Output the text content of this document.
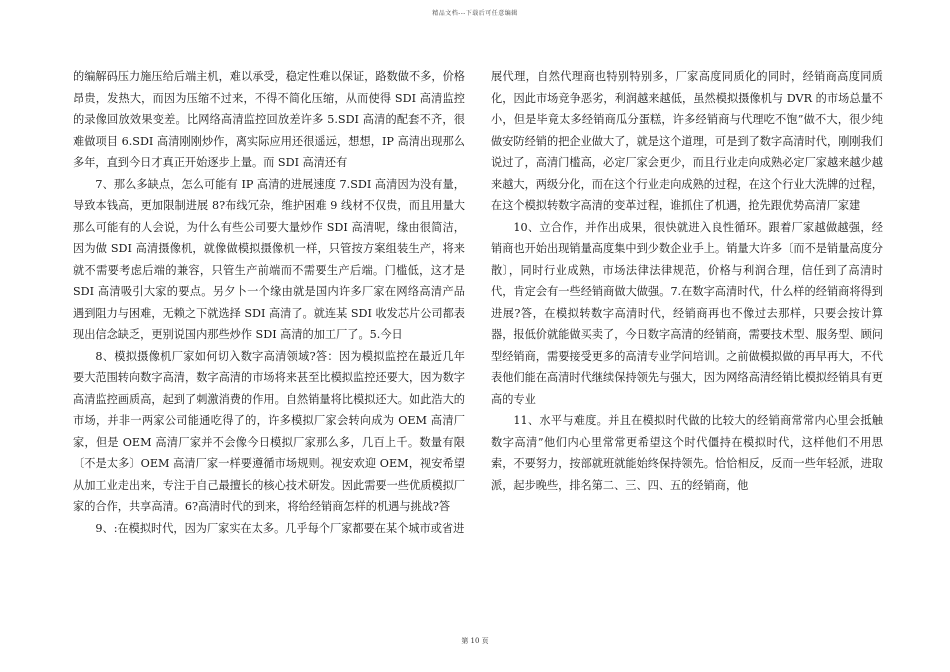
精品文档---下载后可任意编辑

的编解码压力施压给后端主机，难以承受，稳定性难以保证，路数做不多，价格昂贵，发热大，而因为压缩不过来，不得不简化压缩，从而使得 SDI 高清监控的录像回放效果变差。比网络高清监控回放差许多 5.SDI 高清的配套不齐，很难做项目 6.SDI 高清刚刚炒作，离实际应用还很遥远，想想，IP 高清出现那么多年，直到今日才真正开始逐步上量。而 SDI 高清还有

7、那么多缺点，怎么可能有 IP 高清的进展速度 7.SDI 高清因为没有量，导致本钱高，更加限制进展 8?布线冗杂，维护困难 9 线材不仅贵，而且用量大那么可能有的人会说，为什么有些公司要大量炒作 SDI 高清呢，缘由很简洁，因为做 SDI 高清摄像机，就像做模拟摄像机一样，只管按方案组装生产，将来就不需要考虑后端的兼容，只管生产前端而不需要生产后端。门槛低，这才是 SDI 高清吸引大家的要点。另夕卜一个缘由就是国内许多厂家在网络高清产品遇到阻力与困难，无赖之下就选择 SDI 高清了。就连某 SDI 收发芯片公司都表现出信念缺乏，更别说国内那些炒作 SDI 高清的加工厂了。5.今日

8、模拟摄像机厂家如何切入数字高清领域?答：因为模拟监控在最近几年要大范围转向数字高清，数字高清的市场将来甚至比模拟监控还要大，因为数字高清监控画质高，起到了刺激消费的作用。自然销量将比模拟还大。如此浩大的市场，并非一两家公司能通吃得了的，许多模拟厂家会转向成为 OEM 高清厂家，但是 OEM 高清厂家并不会像今日模拟厂家那么多，几百上千。数量有限〔不是太多〕OEM 高清厂家一样要遵循市场规则。视安欢迎 OEM，视安希望从加工业走出来，专注于自己最擅长的核心技术研发。因此需要一些优质模拟厂家的合作，共享高清。6?高清时代的到来，将给经销商怎样的机遇与挑战?答

9、:在模拟时代，因为厂家实在太多。几乎每个厂家都要在某个城市或省进

展代理，自然代理商也特别特别多，厂家高度同质化的同时，经销商高度同质化，因此市场竞争恶劣，利润越来越低，虽然模拟摄像机与 DVR 的市场总量不小，但是毕竟太多经销商瓜分蛋糕，许多经销商与代理吃不饱”做不大，很少纯做安防经销的把企业做大了，就是这个道理，可是到了数字高清时代，刚刚我们说过了，高清门槛高，必定厂家会更少，而且行业走向成熟必定厂家越来越少越来越大，两级分化，而在这个行业走向成熟的过程，在这个行业大洗牌的过程，在这个模拟转数字高清的变革过程，谁抓住了机遇，抢先跟优势高清厂家建

10、立合作，并作出成果，很快就进入良性循环。跟着厂家越做越强，经销商也开始出现销量高度集中到少数企业手上。销量大许多〔而不是销量高度分散〕，同时行业成熟，市场法律法律规范，价格与利润合理，信任到了高清时代，肯定会有一些经销商做大做强。7.在数字高清时代，什么样的经销商将得到进展?答，在模拟转数字高清时代，经销商再也不像过去那样，只要会按计算器，报低价就能做买卖了，今日数字高清的经销商，需要技术型、服务型、顾问型经销商，需要接受更多的高清专业学问培训。之前做模拟做的再早再大，不代表他们能在高清时代继续保持领先与强大，因为网络高清经销比模拟经销具有更高的专业

11、水平与难度。并且在模拟时代做的比较大的经销商常常内心里会抵触数字高清”他们内心里常常更希望这个时代僵持在模拟时代，这样他们不用思索，不要努力，按部就班就能始终保持领先。恰恰相反，反而一些年轻派，进取派，起步晚些，排名第二、三、四、五的经销商，他

第 10 页
